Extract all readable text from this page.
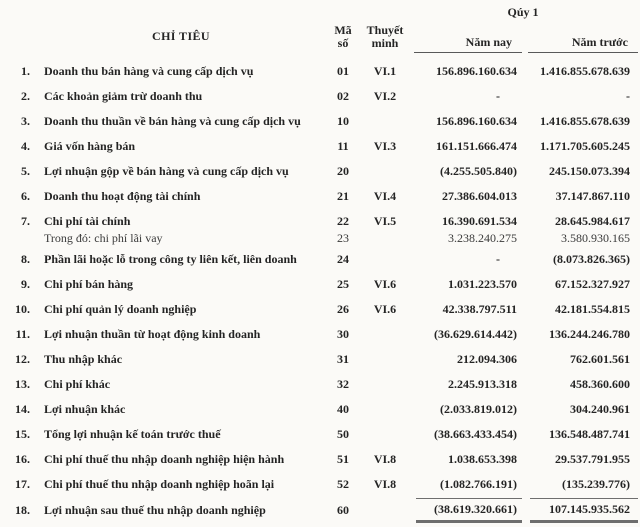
Qúy 1
CHỈ TIÊU	Mã
số
Thuyết
minh	Năm nay	Năm trước
1.	Doanh thu bán hàng và cung cấp dịch vụ	01	VI.1	156.896.160.634	1.416.855.678.639
2.	Các khoản giảm trừ doanh thu	02	VI.2	-	-
3.	Doanh thu thuần về bán hàng và cung cấp dịch vụ	10	156.896.160.634	1.416.855.678.639
4.	Giá vốn hàng bán	11	VI.3	161.151.666.474	1.171.705.605.245
5.	Lợi nhuận gộp về bán hàng và cung cấp dịch vụ	20	(4.255.505.840)	245.150.073.394
6.	Doanh thu hoạt động tài chính	21	VI.4	27.386.604.013	37.147.867.110
7.	Chi phí tài chính	22	VI.5	16.390.691.534	28.645.984.617
Trong đó: chi phí lãi vay	23	3.238.240.275	3.580.930.165
8.	Phần lãi hoặc lỗ trong công ty liên kết, liên doanh	24	-	(8.073.826.365)
9.	Chi phí bán hàng	25	VI.6	1.031.223.570	67.152.327.927
10.	Chi phí quản lý doanh nghiệp	26	VI.6	42.338.797.511	42.181.554.815
11.	Lợi nhuận thuần từ hoạt động kinh doanh	30	(36.629.614.442)	136.244.246.780
12.	Thu nhập khác	31	212.094.306	762.601.561
13.	Chi phí khác	32	2.245.913.318	458.360.600
14.	Lợi nhuận khác	40	(2.033.819.012)	304.240.961
15.	Tổng lợi nhuận kế toán trước thuế	50	(38.663.433.454)	136.548.487.741
16.	Chi phí thuế thu nhập doanh nghiệp hiện hành	51	VI.8	1.038.653.398	29.537.791.955
17.	Chi phí thuế thu nhập doanh nghiệp hoãn lại	52	VI.8	(1.082.766.191)	(135.239.776)
18.	Lợi nhuận sau thuế thu nhập doanh nghiệp	60	(38.619.320.661)	107.145.935.562
